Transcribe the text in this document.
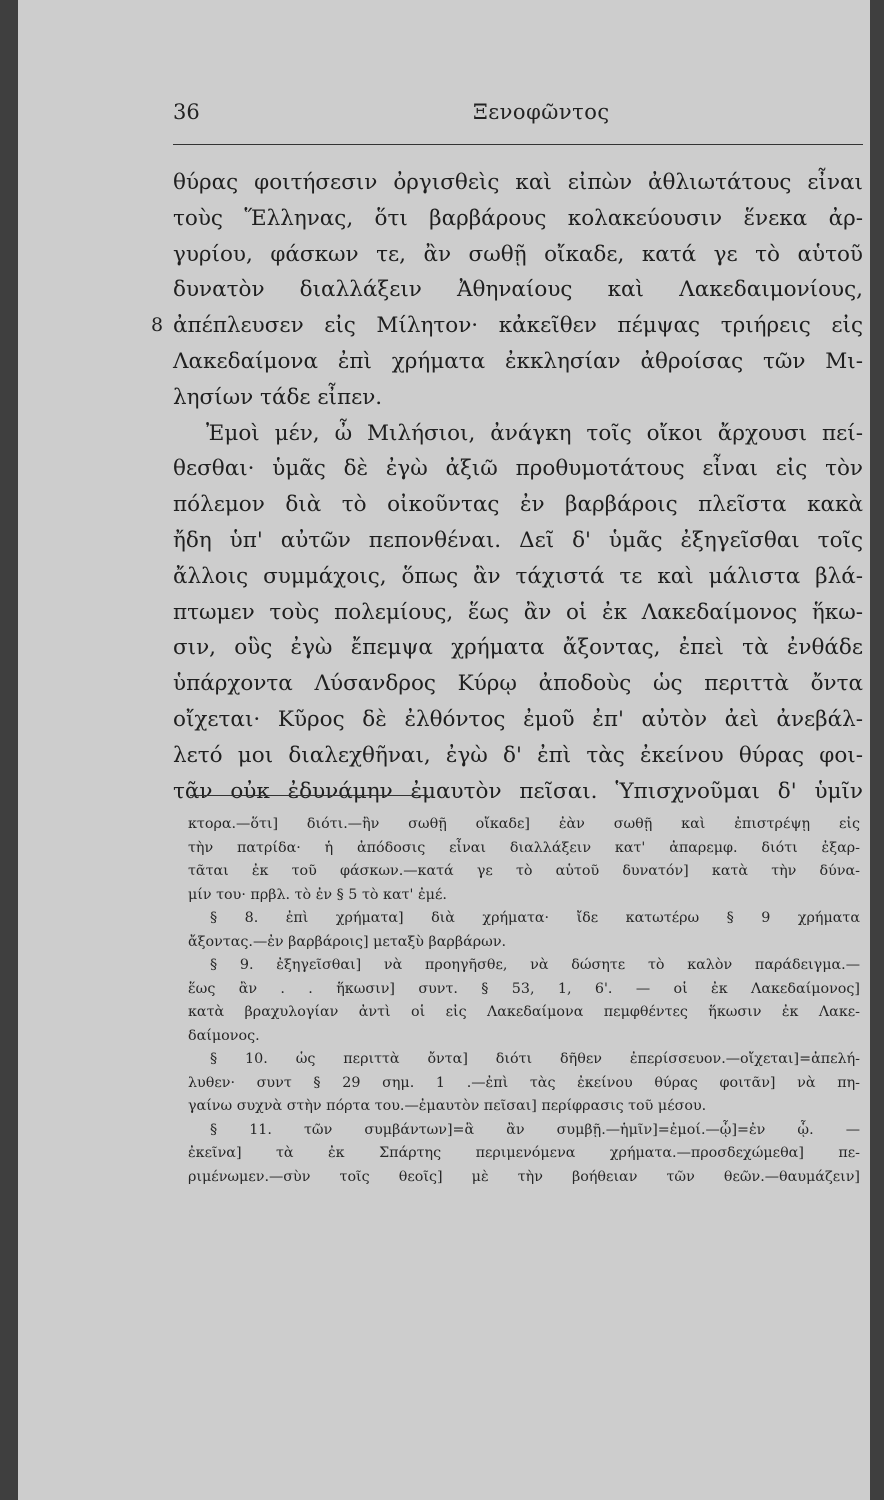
36	Ξενοφῶντος
θύρας φοιτήσεσιν ὀργισθεὶς καὶ εἰπὼν ἀθλιωτάτους εἶναι
τοὺς Ἕλληνας, ὅτι βαρβάρους κολακεύουσιν ἕνεκα ἀρ-
γυρίου, φάσκων τε, ἂν σωθῇ οἴκαδε, κατά γε τὸ αὑτοῦ
δυνατὸν διαλλάξειν Ἀθηναίους καὶ Λακεδαιμονίους,
8 ἀπέπλευσεν εἰς Μίλητον· κἀκεῖθεν πέμψας τριήρεις εἰς
Λακεδαίμονα ἐπὶ χρήματα ἐκκλησίαν ἀθροίσας τῶν Μι-
λησίων τάδε εἶπεν.
Ἐμοὶ μέν, ὦ Μιλήσιοι, ἀνάγκη τοῖς οἴκοι ἄρχουσι πεί-
θεσθαι· ὑμᾶς δὲ ἐγὼ ἀξιῶ προθυμοτάτους εἶναι εἰς τὸν
πόλεμον διὰ τὸ οἰκοῦντας ἐν βαρβάροις πλεῖστα κακὰ
ἤδη ὑπ' αὐτῶν πεπονθέναι. Δεῖ δ' ὑμᾶς ἐξηγεῖσθαι τοῖς
ἄλλοις συμμάχοις, ὅπως ἂν τάχιστά τε καὶ μάλιστα βλά-
πτωμεν τοὺς πολεμίους, ἕως ἂν οἱ ἐκ Λακεδαίμονος ἥκω-
σιν, οὓς ἐγὼ ἔπεμψα χρήματα ἄξοντας, ἐπεὶ τὰ ἐνθάδε
ὑπάρχοντα Λύσανδρος Κύρῳ ἀποδοὺς ὡς περιττὰ ὄντα
οἴχεται· Κῦρος δὲ ἐλθόντος ἐμοῦ ἐπ' αὐτὸν ἀεὶ ἀνεβάλ-
λετό μοι διαλεχθῆναι, ἐγὼ δ' ἐπὶ τὰς ἐκείνου θύρας φοι-
τᾶν οὐκ ἐδυνάμην ἐμαυτὸν πεῖσαι. Ὑπισχνοῦμαι δ' ὑμῖν
κτορα.—ὅτι] διότι.—ἢν σωθῇ οἴκαδε] ἐὰν σωθῇ καὶ ἐπιστρέψῃ εἰς
τὴν πατρίδα· ἡ ἀπόδοσις εἶναι διαλλάξειν κατ' ἀπαρεμφ. διότι ἐξαρ-
τᾶται ἐκ τοῦ φάσκων.—κατά γε τὸ αὑτοῦ δυνατόν] κατὰ τὴν δύνα-
μίν του· πρβλ. τὸ ἐν § 5 τὸ κατ' ἐμέ.
§ 8. ἐπὶ χρήματα] διὰ χρήματα· ἴδε κατωτέρω § 9 χρήματα
ἄξοντας.—ἐν βαρβάροις] μεταξὺ βαρβάρων.
§ 9. ἐξηγεῖσθαι] νὰ προηγῆσθε, νὰ δώσητε τὸ καλὸν παράδειγμα.—
ἕως ἂν . . ἥκωσιν] συντ. § 53, 1, 6'. — οἱ ἐκ Λακεδαίμονος]
κατὰ βραχυλογίαν ἀντὶ οἱ εἰς Λακεδαίμονα πεμφθέντες ἥκωσιν ἐκ Λακε-
δαίμονος.
§ 10. ὡς περιττὰ ὄντα] διότι δῆθεν ἐπερίσσευον.—οἴχεται]=ἀπελή-
λυθεν· συντ § 29 σημ. 1 .—ἐπὶ τὰς ἐκείνου θύρας φοιτᾶν] νὰ πη-
γαίνω συχνὰ στὴν πόρτα του.—ἐμαυτὸν πεῖσαι] περίφρασις τοῦ μέσου.
§ 11. τῶν συμβάντων]=ἃ ἂν συμβῇ.—ἡμῖν]=ἐμοί.—ᾧ]=ἐν ᾧ. —
ἐκεῖνα] τὰ ἐκ Σπάρτης περιμενόμενα χρήματα.—προσδεχώμεθα] πε-
ριμένωμεν.—σὺν τοῖς θεοῖς] μὲ τὴν βοήθειαν τῶν θεῶν.—θαυμάζειν]
